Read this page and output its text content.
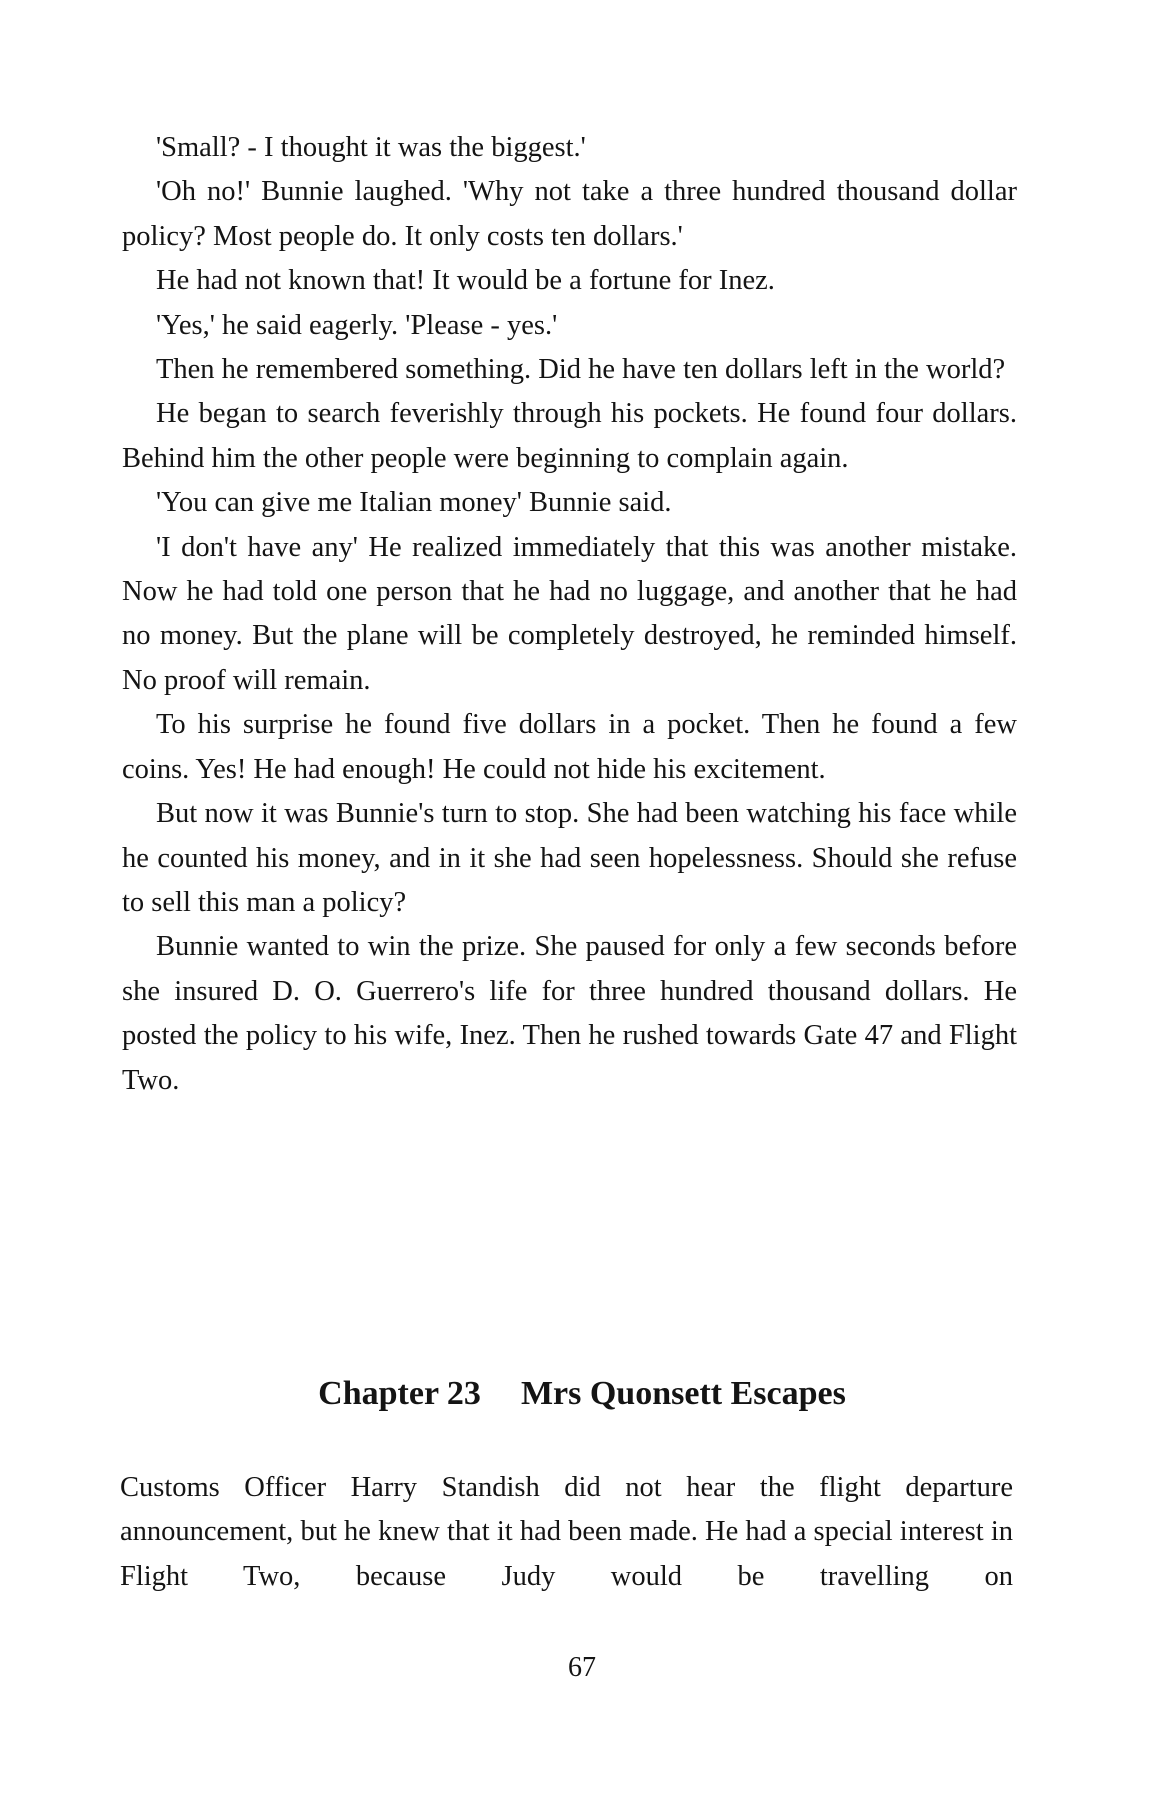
'Small? - I thought it was the biggest.'

'Oh no!' Bunnie laughed. 'Why not take a three hundred thousand dollar policy? Most people do. It only costs ten dollars.'

He had not known that! It would be a fortune for Inez.

'Yes,' he said eagerly. 'Please - yes.'

Then he remembered something. Did he have ten dollars left in the world?

He began to search feverishly through his pockets. He found four dollars. Behind him the other people were beginning to complain again.

'You can give me Italian money' Bunnie said.

'I don't have any' He realized immediately that this was another mistake. Now he had told one person that he had no luggage, and another that he had no money. But the plane will be completely destroyed, he reminded himself. No proof will remain.

To his surprise he found five dollars in a pocket. Then he found a few coins. Yes! He had enough! He could not hide his excitement.

But now it was Bunnie's turn to stop. She had been watching his face while he counted his money, and in it she had seen hopelessness. Should she refuse to sell this man a policy?

Bunnie wanted to win the prize. She paused for only a few seconds before she insured D. O. Guerrero's life for three hundred thousand dollars. He posted the policy to his wife, Inez. Then he rushed towards Gate 47 and Flight Two.

Chapter 23 Mrs Quonsett Escapes

Customs Officer Harry Standish did not hear the flight departure announcement, but he knew that it had been made. He had a special interest in Flight Two, because Judy would be travelling on

67
